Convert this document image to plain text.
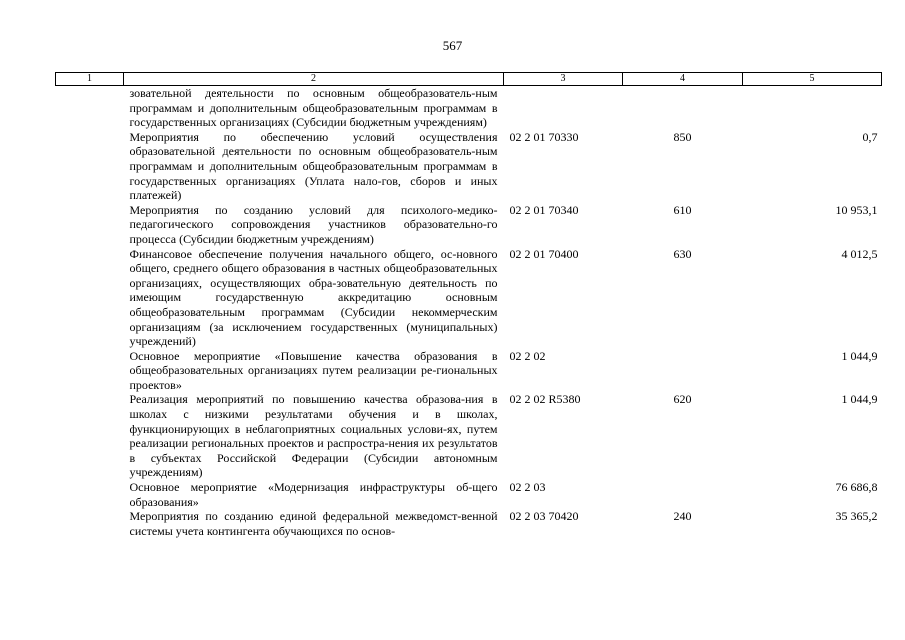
567
1	2	3	4	5
	зовательной деятельности по основным общеобразователь-ным программам и дополнительным общеобразовательным программам в государственных организациях (Субсидии бюджетным учреждениям)			
	Мероприятия по обеспечению условий осуществления образовательной деятельности по основным общеобразователь-ным программам и дополнительным общеобразовательным программам в государственных организациях (Уплата нало-гов, сборов и иных платежей)	02 2 01 70330	850	0,7
	Мероприятия по созданию условий для психолого-медико-педагогического сопровождения участников образовательно-го процесса (Субсидии бюджетным учреждениям)	02 2 01 70340	610	10 953,1
	Финансовое обеспечение получения начального общего, ос-новного общего, среднего общего образования в частных общеобразовательных организациях, осуществляющих обра-зовательную деятельность по имеющим государственную аккредитацию основным общеобразовательным программам (Субсидии некоммерческим организациям (за исключением государственных (муниципальных) учреждений)	02 2 01 70400	630	4 012,5
	Основное мероприятие «Повышение качества образования в общеобразовательных организациях путем реализации ре-гиональных проектов»	02 2 02		1 044,9
	Реализация мероприятий по повышению качества образова-ния в школах с низкими результатами обучения и в школах, функционирующих в неблагоприятных социальных услови-ях, путем реализации региональных проектов и распростра-нения их результатов в субъектах Российской Федерации (Субсидии автономным учреждениям)	02 2 02 R5380	620	1 044,9
	Основное мероприятие «Модернизация инфраструктуры об-щего образования»	02 2 03		76 686,8
	Мероприятия по созданию единой федеральной межведомст-венной системы учета контингента обучающихся по основ-	02 2 03 70420	240	35 365,2
